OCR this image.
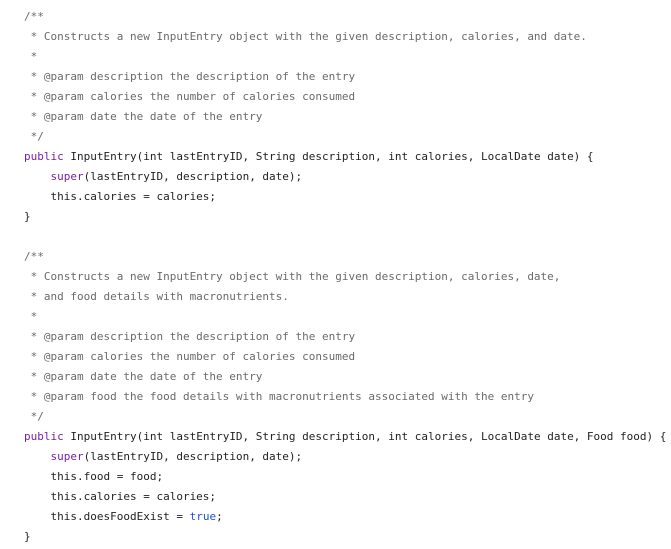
/**
* Constructs a new InputEntry object with the given description, calories, and date.
*
* @param description the description of the entry
* @param calories the number of calories consumed
* @param date the date of the entry
*/
public InputEntry(int lastEntryID, String description, int calories, LocalDate date) {
super(lastEntryID, description, date);
this.calories = calories;
}
/**
* Constructs a new InputEntry object with the given description, calories, date,
* and food details with macronutrients.
*
* @param description the description of the entry
* @param calories the number of calories consumed
* @param date the date of the entry
* @param food the food details with macronutrients associated with the entry
*/
public InputEntry(int lastEntryID, String description, int calories, LocalDate date, Food food) {
super(lastEntryID, description, date);
this.food = food;
this.calories = calories;
this.doesFoodExist = true;
}
